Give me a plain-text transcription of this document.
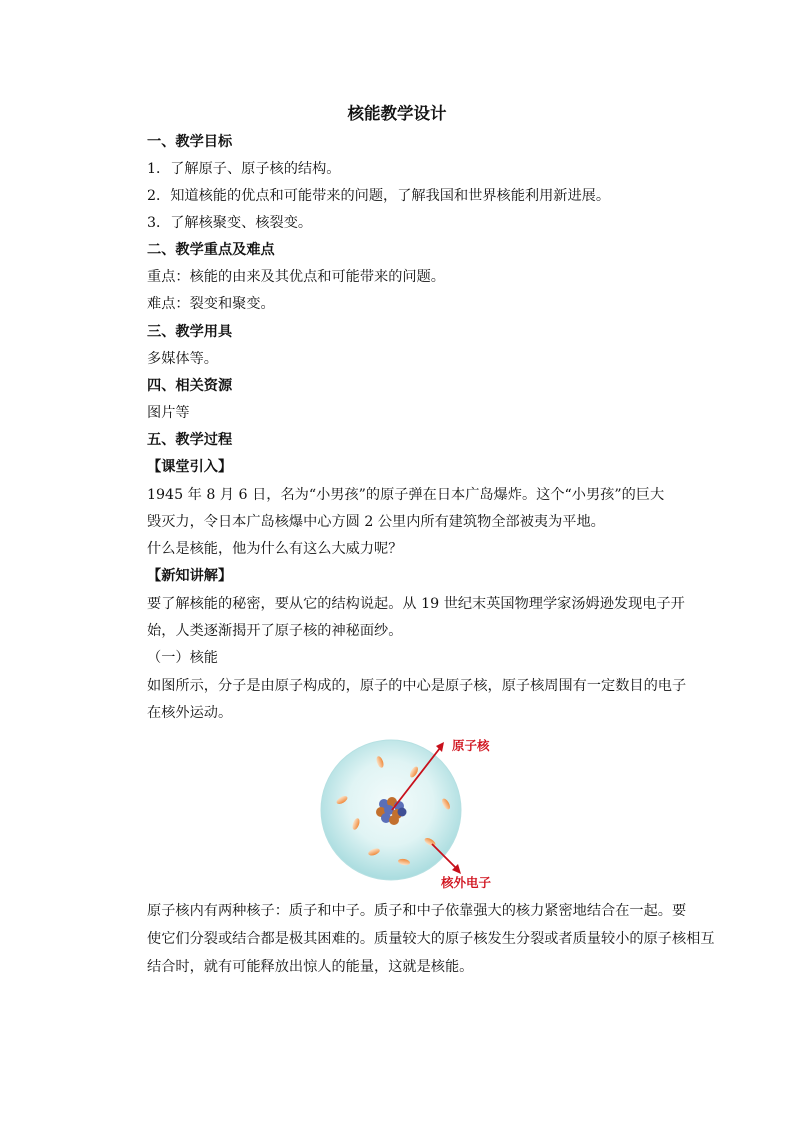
核能教学设计
一、教学目标
1．了解原子、原子核的结构。
2．知道核能的优点和可能带来的问题，了解我国和世界核能利用新进展。
3．了解核聚变、核裂变。
二、教学重点及难点
重点：核能的由来及其优点和可能带来的问题。
难点：裂变和聚变。
三、教学用具
多媒体等。
四、相关资源
图片等
五、教学过程
【课堂引入】
1945 年 8 月 6 日，名为“小男孩”的原子弹在日本广岛爆炸。这个“小男孩”的巨大
毁灭力，令日本广岛核爆中心方圆 2 公里内所有建筑物全部被夷为平地。
什么是核能，他为什么有这么大威力呢？
【新知讲解】
要了解核能的秘密，要从它的结构说起。从 19 世纪末英国物理学家汤姆逊发现电子开
始，人类逐渐揭开了原子核的神秘面纱。
（一）核能
如图所示，分子是由原子构成的，原子的中心是原子核，原子核周围有一定数目的电子
在核外运动。
原子核
核外电子
原子核内有两种核子：质子和中子。质子和中子依靠强大的核力紧密地结合在一起。要
使它们分裂或结合都是极其困难的。质量较大的原子核发生分裂或者质量较小的原子核相互
结合时，就有可能释放出惊人的能量，这就是核能。
